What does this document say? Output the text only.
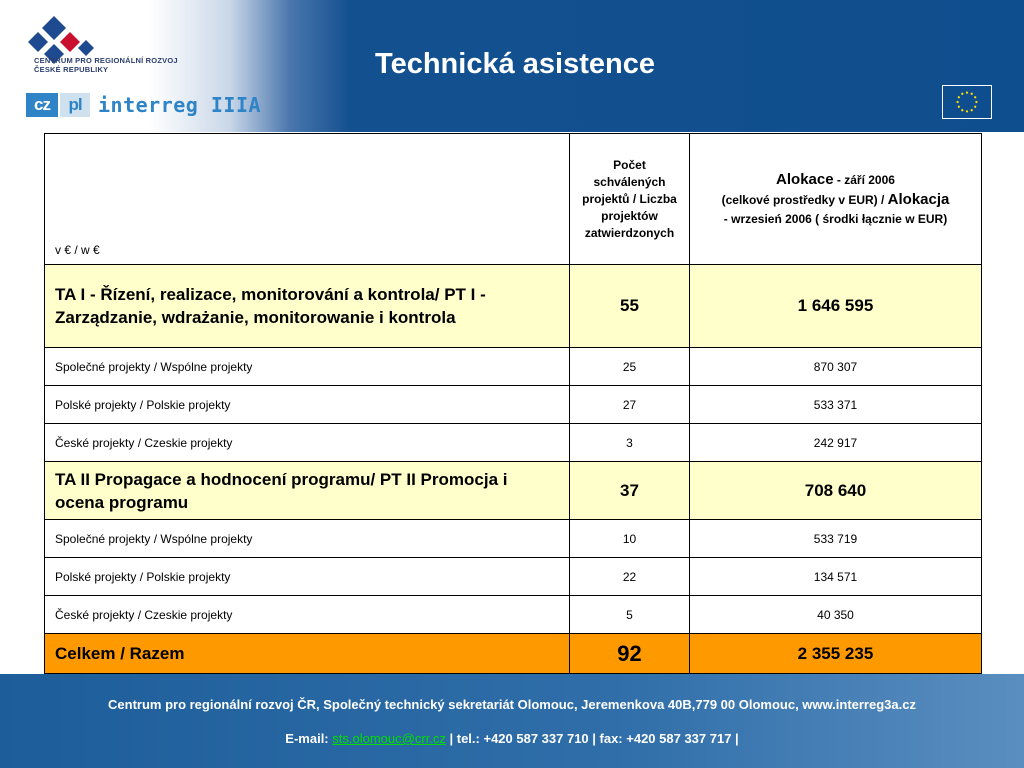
CENTRUM PRO REGIONÁLNÍ ROZVOJ
ČESKÉ REPUBLIKY
cz	pl interreg IIIA
Technická asistence
v € / w €	Počet schválených projektů / Liczba projektów zatwierdzonych	Alokace - září 2006
(celkové prostředky v EUR) / Alokacja
- wrzesień 2006 ( środki łącznie w EUR)
TA I - Řízení, realizace, monitorování a kontrola/ PT I - Zarządzanie, wdrażanie, monitorowanie i kontrola	55	1 646 595
Společné projekty / Wspólne projekty	25	870 307
Polské projekty / Polskie projekty	27	533 371
České projekty / Czeskie projekty	3	242 917
TA II Propagace a hodnocení programu/ PT II Promocja i ocena programu	37	708 640
Společné projekty / Wspólne projekty	10	533 719
Polské projekty / Polskie projekty	22	134 571
České projekty / Czeskie projekty	5	40 350
Celkem / Razem	92	2 355 235
Centrum pro regionální rozvoj ČR, Společný technický sekretariát Olomouc, Jeremenkova 40B,779 00 Olomouc, www.interreg3a.cz
E-mail: sts.olomouc@crr.cz | tel.: +420 587 337 710 | fax: +420 587 337 717 |
